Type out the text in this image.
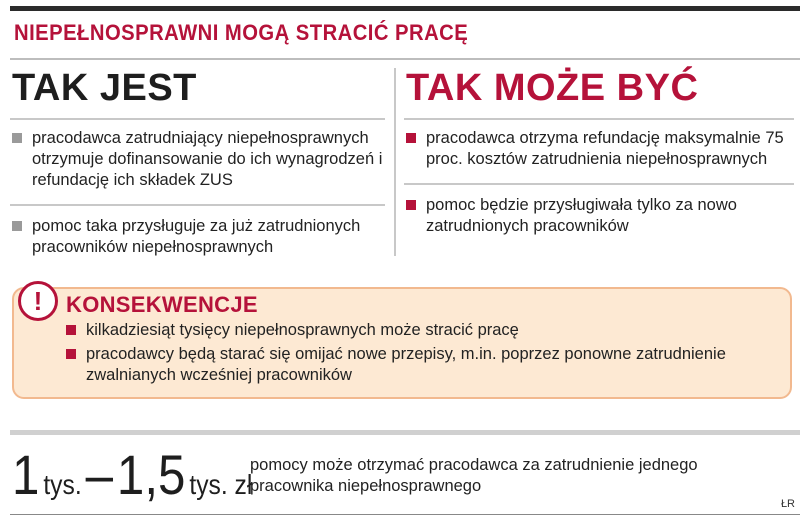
NIEPEŁNOSPRAWNI MOGĄ STRACIĆ PRACĘ
TAK JEST
pracodawca zatrudniający niepełnosprawnych otrzymuje dofinansowanie do ich wynagrodzeń i refundację ich składek ZUS
pomoc taka przysługuje za już zatrudnionych pracowników niepełnosprawnych
TAK MOŻE BYĆ
pracodawca otrzyma refundację maksymalnie 75 proc. kosztów zatrudnienia niepełnosprawnych
pomoc będzie przysługiwała tylko za nowo zatrudnionych pracowników
!	KONSEKWENCJE
kilkadziesiąt tysięcy niepełnosprawnych może stracić pracę
pracodawcy będą starać się omijać nowe przepisy, m.in. poprzez ponowne zatrudnienie zwalnianych wcześniej pracowników
1 tys. – 1,5 tys. zł
pomocy może otrzymać pracodawca za zatrudnienie jednego pracownika niepełnosprawnego
ŁR
